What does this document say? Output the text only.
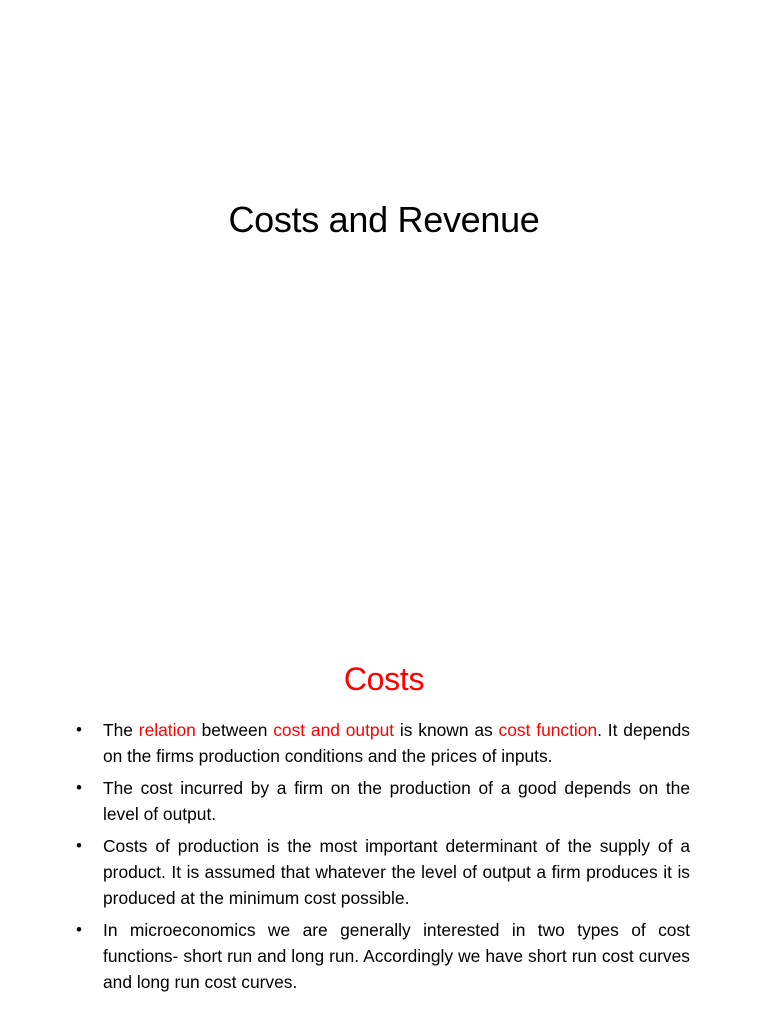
Costs and Revenue
Costs
•	The relation between cost and output is known as cost function. It depends on the firms production conditions and the prices of inputs.
•	The cost incurred by a firm on the production of a good depends on the level of output.
•	Costs of production is the most important determinant of the supply of a product. It is assumed that whatever the level of output a firm produces it is produced at the minimum cost possible.
•	In microeconomics we are generally interested in two types of cost functions- short run and long run. Accordingly we have short run cost curves and long run cost curves.
